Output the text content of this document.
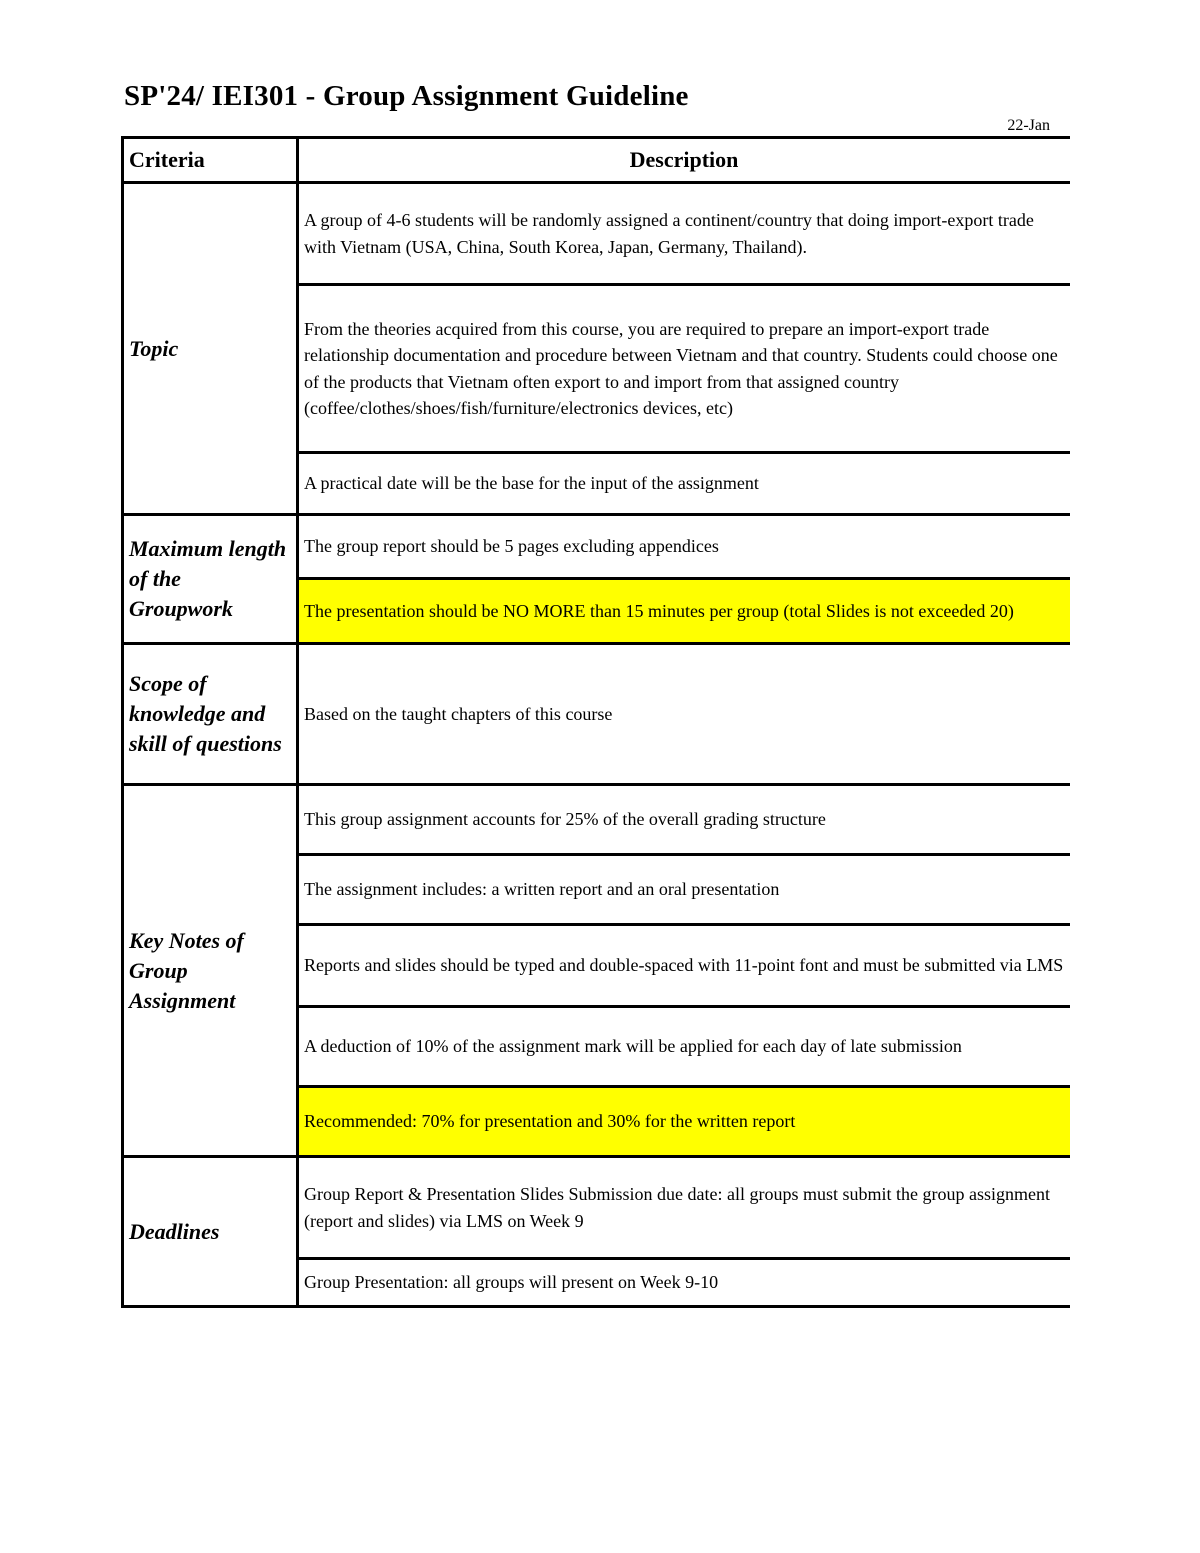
SP'24/ IEI301 - Group Assignment Guideline
22-Jan
Criteria	Description
Topic	A group of 4-6 students will be randomly assigned a continent/country that doing import-export trade with Vietnam (USA, China, South Korea, Japan, Germany, Thailand).
	From the theories acquired from this course, you are required to prepare an import-export trade relationship documentation and procedure between Vietnam and that country. Students could choose one of the products that Vietnam often export to and import from that assigned country (coffee/clothes/shoes/fish/furniture/electronics devices, etc)
	A practical date will be the base for the input of the assignment
Maximum length of the Groupwork	The group report should be 5 pages excluding appendices
	The presentation should be NO MORE than 15 minutes per group (total Slides is not exceeded 20)
Scope of knowledge and skill of questions	Based on the taught chapters of this course
Key Notes of Group Assignment	This group assignment accounts for 25% of the overall grading structure
	The assignment includes: a written report and an oral presentation
	Reports and slides should be typed and double-spaced with 11-point font and must be submitted via LMS
	A deduction of 10% of the assignment mark will be applied for each day of late submission
	Recommended: 70% for presentation and 30% for the written report
Deadlines	Group Report & Presentation Slides Submission due date: all groups must submit the group assignment (report and slides) via LMS on Week 9
	Group Presentation: all groups will present on Week 9-10
